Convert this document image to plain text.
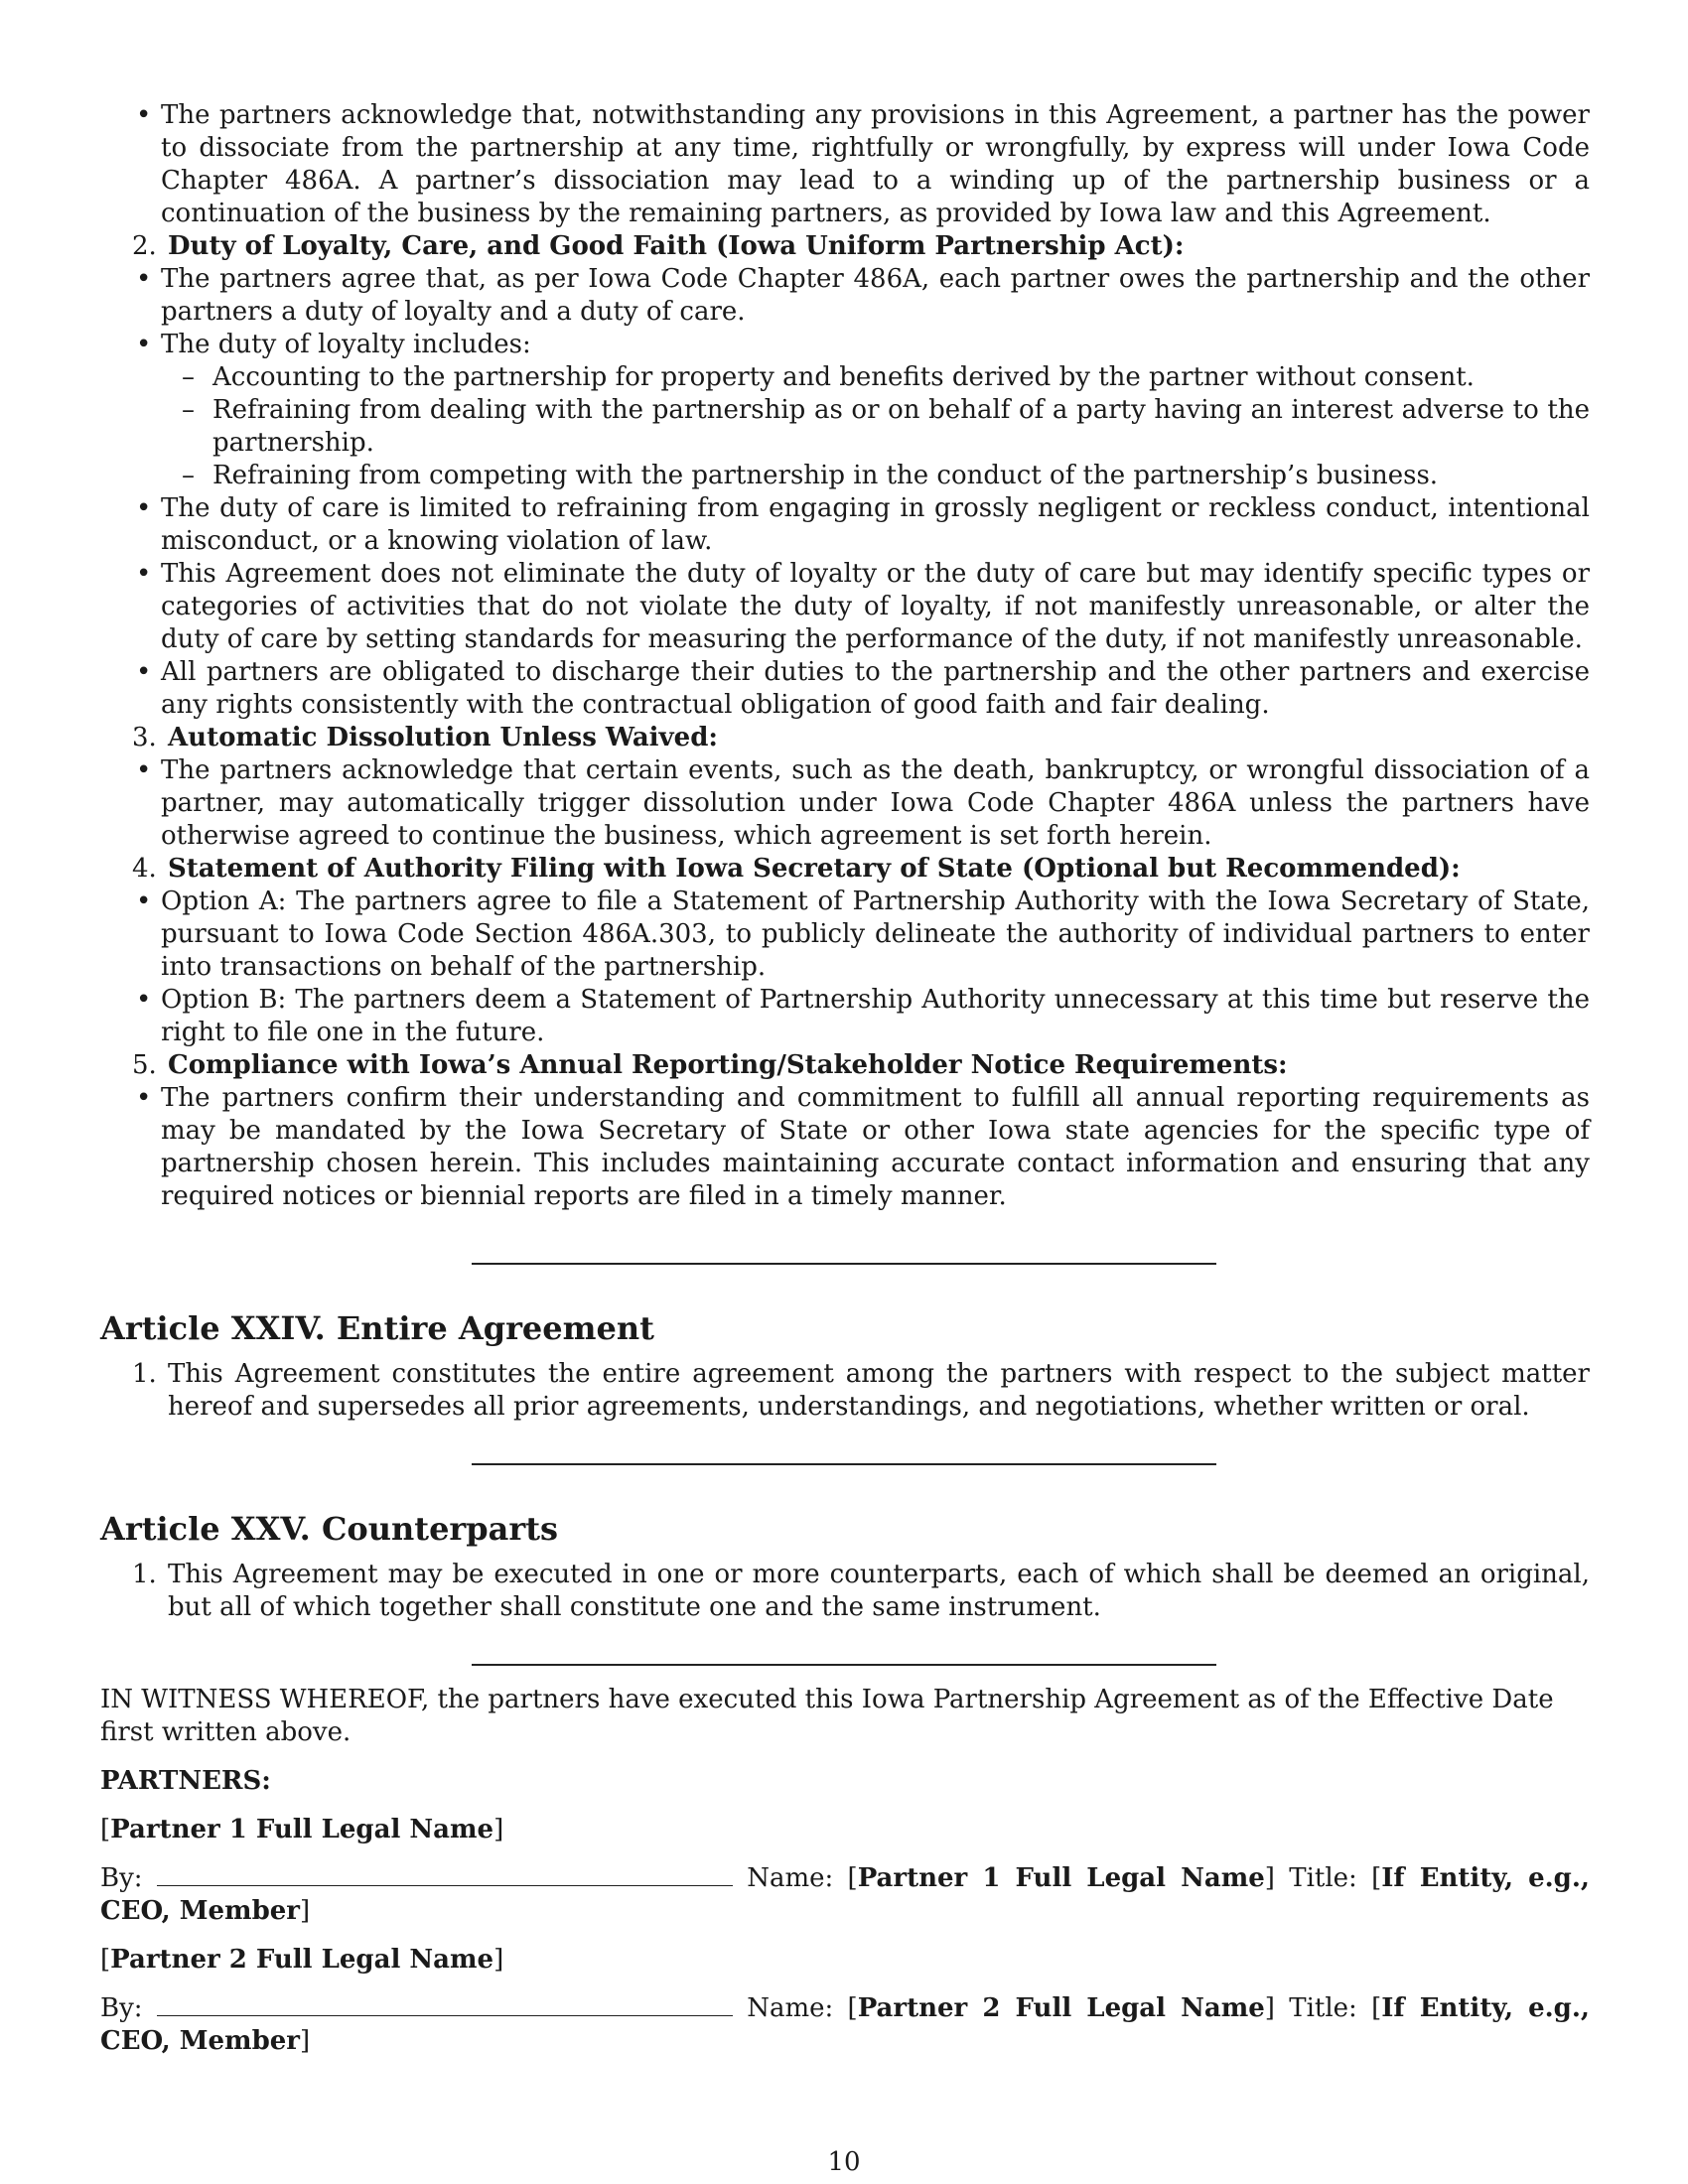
• The partners acknowledge that, notwithstanding any provisions in this Agreement, a partner has the power to dissociate from the partnership at any time, rightfully or wrongfully, by express will under Iowa Code Chapter 486A. A partner’s dissociation may lead to a winding up of the partnership business or a continuation of the business by the remaining partners, as provided by Iowa law and this Agreement.

2. Duty of Loyalty, Care, and Good Faith (Iowa Uniform Partnership Act):

• The partners agree that, as per Iowa Code Chapter 486A, each partner owes the partnership and the other partners a duty of loyalty and a duty of care.

• The duty of loyalty includes:

– Accounting to the partnership for property and benefits derived by the partner without consent.

– Refraining from dealing with the partnership as or on behalf of a party having an interest adverse to the partnership.

– Refraining from competing with the partnership in the conduct of the partnership’s business.

• The duty of care is limited to refraining from engaging in grossly negligent or reckless conduct, intentional misconduct, or a knowing violation of law.

• This Agreement does not eliminate the duty of loyalty or the duty of care but may identify specific types or categories of activities that do not violate the duty of loyalty, if not manifestly unreasonable, or alter the duty of care by setting standards for measuring the performance of the duty, if not manifestly unreasonable.

• All partners are obligated to discharge their duties to the partnership and the other partners and exercise any rights consistently with the contractual obligation of good faith and fair dealing.

3. Automatic Dissolution Unless Waived:

• The partners acknowledge that certain events, such as the death, bankruptcy, or wrongful dissociation of a partner, may automatically trigger dissolution under Iowa Code Chapter 486A unless the partners have otherwise agreed to continue the business, which agreement is set forth herein.

4. Statement of Authority Filing with Iowa Secretary of State (Optional but Recommended):

• Option A: The partners agree to file a Statement of Partnership Authority with the Iowa Secretary of State, pursuant to Iowa Code Section 486A.303, to publicly delineate the authority of individual partners to enter into transactions on behalf of the partnership.

• Option B: The partners deem a Statement of Partnership Authority unnecessary at this time but reserve the right to file one in the future.

5. Compliance with Iowa’s Annual Reporting/Stakeholder Notice Requirements:

• The partners confirm their understanding and commitment to fulfill all annual reporting requirements as may be mandated by the Iowa Secretary of State or other Iowa state agencies for the specific type of partnership chosen herein. This includes maintaining accurate contact information and ensuring that any required notices or biennial reports are filed in a timely manner.

Article XXIV. Entire Agreement
1. This Agreement constitutes the entire agreement among the partners with respect to the subject matter hereof and supersedes all prior agreements, understandings, and negotiations, whether written or oral.

Article XXV. Counterparts
1. This Agreement may be executed in one or more counterparts, each of which shall be deemed an original, but all of which together shall constitute one and the same instrument.

IN WITNESS WHEREOF, the partners have executed this Iowa Partnership Agreement as of the Effective Date first written above.

PARTNERS:

[Partner 1 Full Legal Name]

By:	Name: [Partner 1 Full Legal Name] Title: [If Entity, e.g., CEO, Member]

[Partner 2 Full Legal Name]

By:	Name: [Partner 2 Full Legal Name] Title: [If Entity, e.g., CEO, Member]

10
